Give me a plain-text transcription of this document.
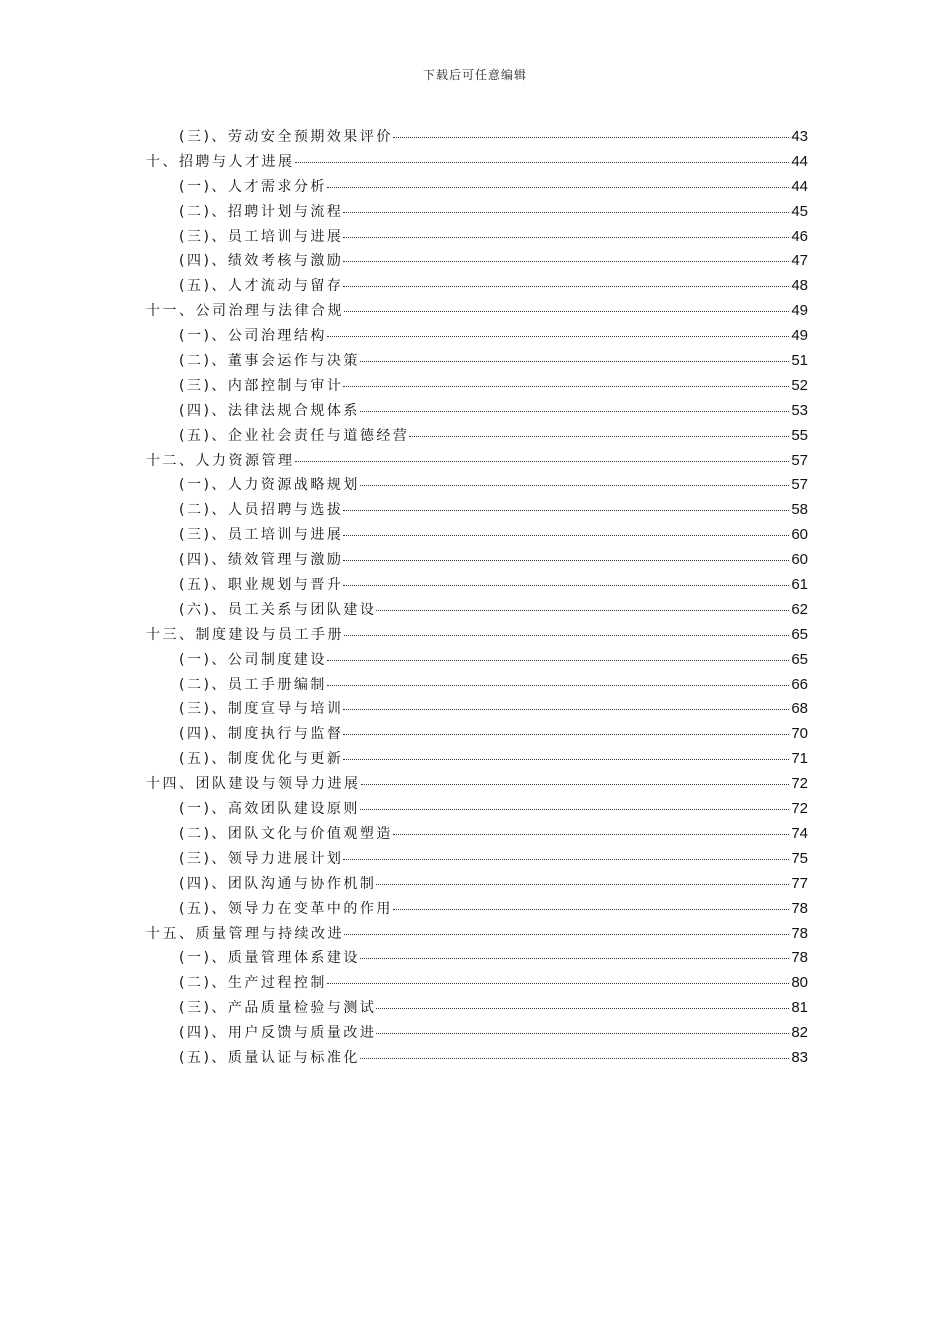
下载后可任意编辑
(三)、劳动安全预期效果评价	43
十、招聘与人才进展	44
(一)、人才需求分析	44
(二)、招聘计划与流程	45
(三)、员工培训与进展	46
(四)、绩效考核与激励	47
(五)、人才流动与留存	48
十一、公司治理与法律合规	49
(一)、公司治理结构	49
(二)、董事会运作与决策	51
(三)、内部控制与审计	52
(四)、法律法规合规体系	53
(五)、企业社会责任与道德经营	55
十二、人力资源管理	57
(一)、人力资源战略规划	57
(二)、人员招聘与选拔	58
(三)、员工培训与进展	60
(四)、绩效管理与激励	60
(五)、职业规划与晋升	61
(六)、员工关系与团队建设	62
十三、制度建设与员工手册	65
(一)、公司制度建设	65
(二)、员工手册编制	66
(三)、制度宣导与培训	68
(四)、制度执行与监督	70
(五)、制度优化与更新	71
十四、团队建设与领导力进展	72
(一)、高效团队建设原则	72
(二)、团队文化与价值观塑造	74
(三)、领导力进展计划	75
(四)、团队沟通与协作机制	77
(五)、领导力在变革中的作用	78
十五、质量管理与持续改进	78
(一)、质量管理体系建设	78
(二)、生产过程控制	80
(三)、产品质量检验与测试	81
(四)、用户反馈与质量改进	82
(五)、质量认证与标准化	83
